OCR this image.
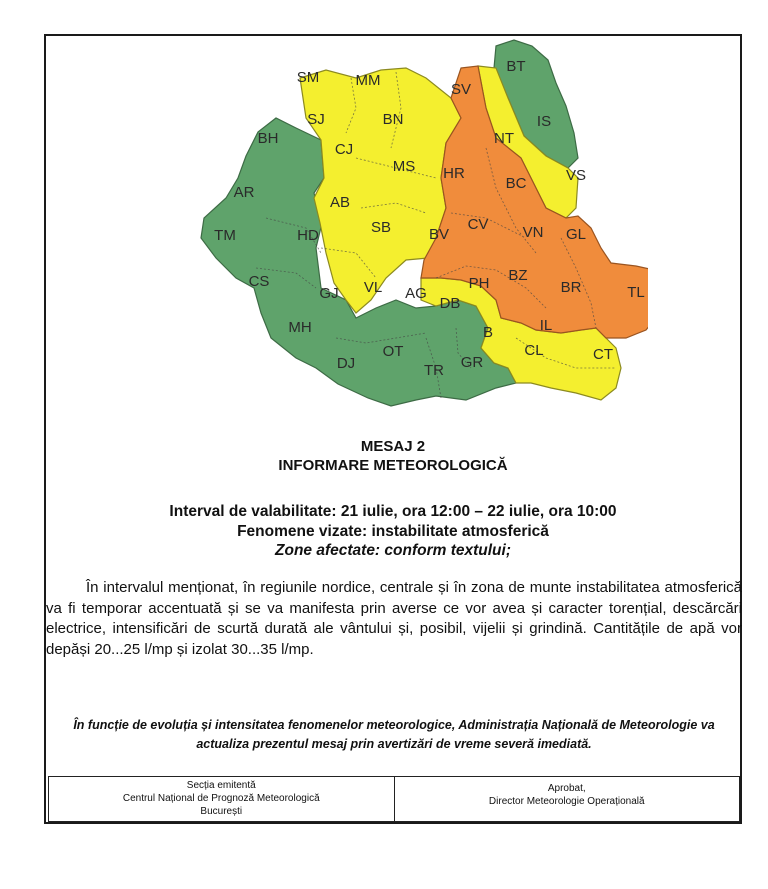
SM MM
BT
SV
SJ	BN	IS
BH
CJ
NT
MS HR
BC	VS
AR
AB
TM	HD	SB	BV
CV VN GL
CS
GJ VL AG
DB
PH BZ
BR	TL
MH	B	IL
OT	CL	CT
DJ	TR GR
MESAJ 2
INFORMARE METEOROLOGICĂ
Interval de valabilitate: 21 iulie, ora 12:00 – 22 iulie, ora 10:00
Fenomene vizate: instabilitate atmosferică
Zone afectate: conform textului;

În intervalul menționat, în regiunile nordice, centrale și în zona de munte instabilitatea atmosferică va fi temporar accentuată și se va manifesta prin averse ce vor avea și caracter torențial, descărcări electrice, intensificări de scurtă durată ale vântului și, posibil, vijelii și grindină. Cantitățile de apă vor depăși 20...25 l/mp și izolat 30...35 l/mp.

În funcție de evoluția și intensitatea fenomenelor meteorologice, Administrația Națională de Meteorologie va actualiza prezentul mesaj prin avertizări de vreme severă imediată.
Secția emitentă
Centrul Național de Prognoză Meteorologică
București
Aprobat,
Director Meteorologie Operațională
